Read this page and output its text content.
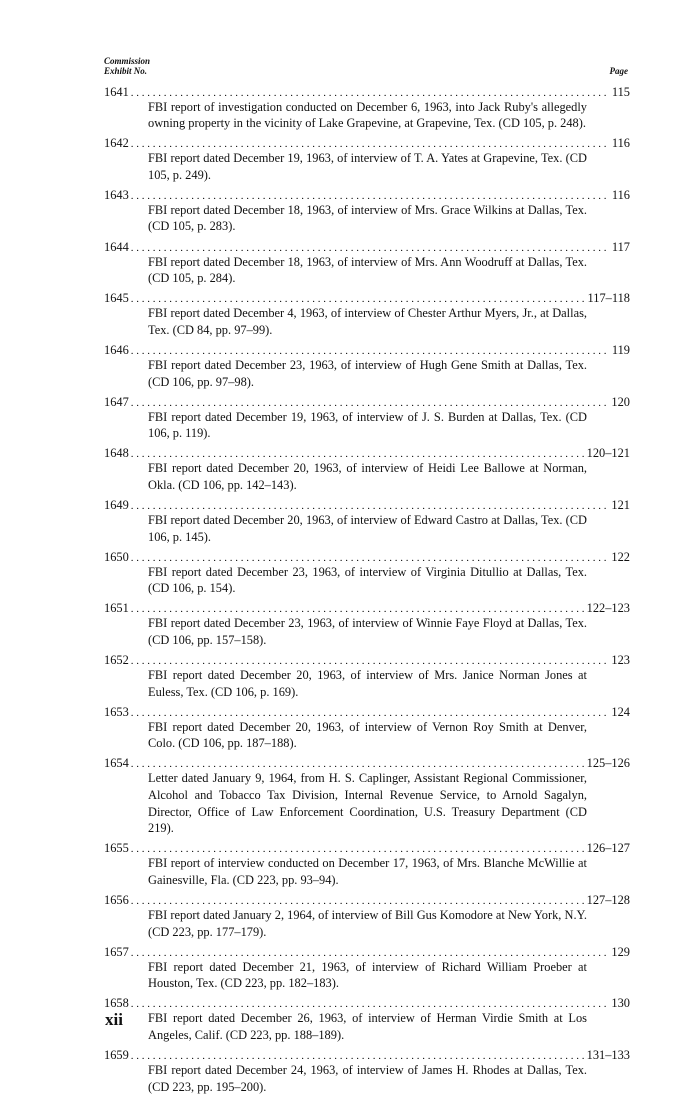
Commission
Exhibit No.	Page
1641 . . .	115
FBI report of investigation conducted on December 6, 1963, into Jack Ruby's allegedly owning property in the vicinity of Lake Grapevine, at Grapevine, Tex. (CD 105, p. 248).
1642 . . .	116
FBI report dated December 19, 1963, of interview of T. A. Yates at Grapevine, Tex. (CD 105, p. 249).
1643 . . .	116
FBI report dated December 18, 1963, of interview of Mrs. Grace Wilkins at Dallas, Tex. (CD 105, p. 283).
1644 . . .	117
FBI report dated December 18, 1963, of interview of Mrs. Ann Woodruff at Dallas, Tex. (CD 105, p. 284).
1645 . . .	117–118
FBI report dated December 4, 1963, of interview of Chester Arthur Myers, Jr., at Dallas, Tex. (CD 84, pp. 97–99).
1646 . . .	119
FBI report dated December 23, 1963, of interview of Hugh Gene Smith at Dallas, Tex. (CD 106, pp. 97–98).
1647 . . .	120
FBI report dated December 19, 1963, of interview of J. S. Burden at Dallas, Tex. (CD 106, p. 119).
1648 . . .	120–121
FBI report dated December 20, 1963, of interview of Heidi Lee Ballowe at Norman, Okla. (CD 106, pp. 142–143).
1649 . . .	121
FBI report dated December 20, 1963, of interview of Edward Castro at Dallas, Tex. (CD 106, p. 145).
1650 . . .	122
FBI report dated December 23, 1963, of interview of Virginia Ditullio at Dallas, Tex. (CD 106, p. 154).
1651 . . .	122–123
FBI report dated December 23, 1963, of interview of Winnie Faye Floyd at Dallas, Tex. (CD 106, pp. 157–158).
1652 . . .	123
FBI report dated December 20, 1963, of interview of Mrs. Janice Norman Jones at Euless, Tex. (CD 106, p. 169).
1653 . . .	124
FBI report dated December 20, 1963, of interview of Vernon Roy Smith at Denver, Colo. (CD 106, pp. 187–188).
1654 . . .	125–126
Letter dated January 9, 1964, from H. S. Caplinger, Assistant Regional Commissioner, Alcohol and Tobacco Tax Division, Internal Revenue Service, to Arnold Sagalyn, Director, Office of Law Enforcement Coordination, U.S. Treasury Department (CD 219).
1655 . . .	126–127
FBI report of interview conducted on December 17, 1963, of Mrs. Blanche McWillie at Gainesville, Fla. (CD 223, pp. 93–94).
1656 . . .	127–128
FBI report dated January 2, 1964, of interview of Bill Gus Komodore at New York, N.Y. (CD 223, pp. 177–179).
1657 . . .	129
FBI report dated December 21, 1963, of interview of Richard William Proeber at Houston, Tex. (CD 223, pp. 182–183).
1658 . . .	130
FBI report dated December 26, 1963, of interview of Herman Virdie Smith at Los Angeles, Calif. (CD 223, pp. 188–189).
1659 . . .	131–133
FBI report dated December 24, 1963, of interview of James H. Rhodes at Dallas, Tex. (CD 223, pp. 195–200).
xii
